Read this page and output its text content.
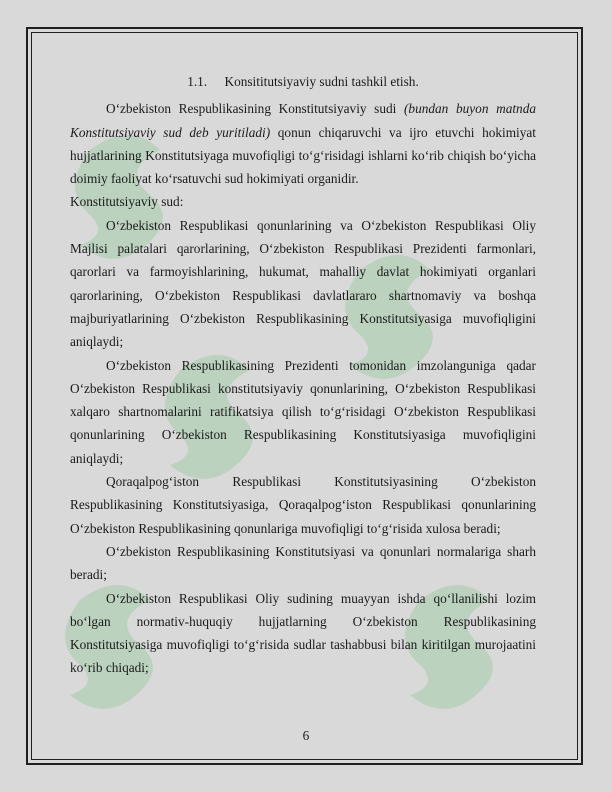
1.1. Konsititutsiyaviy sudni tashkil etish.

O‘zbekiston Respublikasining Konstitutsiyaviy sudi (bundan buyon matnda Konstitutsiyaviy sud deb yuritiladi) qonun chiqaruvchi va ijro etuvchi hokimiyat hujjatlarining Konstitutsiyaga muvofiqligi to‘g‘risidagi ishlarni ko‘rib chiqish bo‘yicha doimiy faoliyat ko‘rsatuvchi sud hokimiyati organidir.

Konstitutsiyaviy sud:

O‘zbekiston Respublikasi qonunlarining va O‘zbekiston Respublikasi Oliy Majlisi palatalari qarorlarining, O‘zbekiston Respublikasi Prezidenti farmonlari, qarorlari va farmoyishlarining, hukumat, mahalliy davlat hokimiyati organlari qarorlarining, O‘zbekiston Respublikasi davlatlararo shartnomaviy va boshqa majburiyatlarining O‘zbekiston Respublikasining Konstitutsiyasiga muvofiqligini aniqlaydi;

O‘zbekiston Respublikasining Prezidenti tomonidan imzolanguniga qadar O‘zbekiston Respublikasi konstitutsiyaviy qonunlarining, O‘zbekiston Respublikasi xalqaro shartnomalarini ratifikatsiya qilish to‘g‘risidagi O‘zbekiston Respublikasi qonunlarining O‘zbekiston Respublikasining Konstitutsiyasiga muvofiqligini aniqlaydi;

Qoraqalpog‘iston Respublikasi Konstitutsiyasining O‘zbekiston Respublikasining Konstitutsiyasiga, Qoraqalpog‘iston Respublikasi qonunlarining O‘zbekiston Respublikasining qonunlariga muvofiqligi to‘g‘risida xulosa beradi;

O‘zbekiston Respublikasining Konstitutsiyasi va qonunlari normalariga sharh beradi;

O‘zbekiston Respublikasi Oliy sudining muayyan ishda qo‘llanilishi lozim bo‘lgan normativ-huquqiy hujjatlarning O‘zbekiston Respublikasining Konstitutsiyasiga muvofiqligi to‘g‘risida sudlar tashabbusi bilan kiritilgan murojaatini ko‘rib chiqadi;

6
